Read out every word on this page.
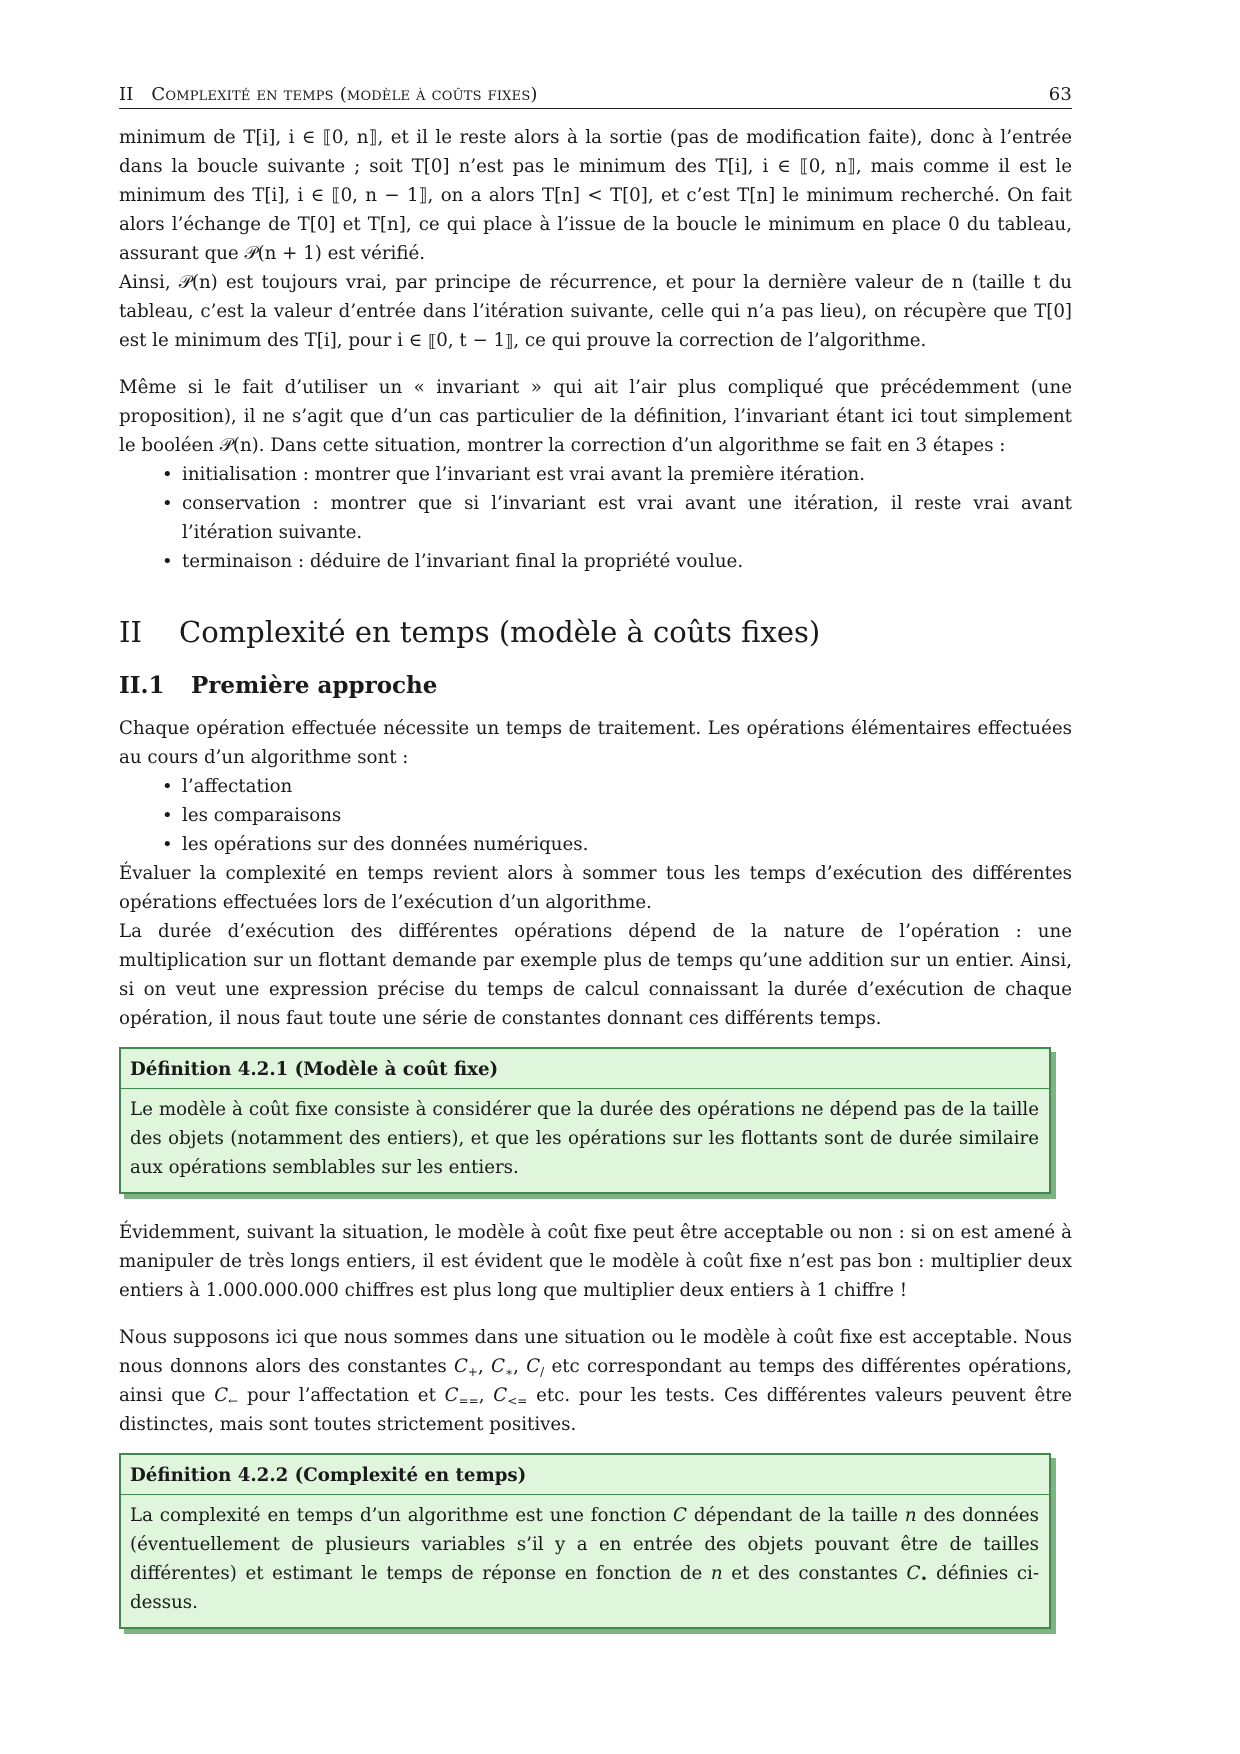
II Complexité en temps (modèle à coûts fixes)	63

minimum de T[i], i ∈ ⟦0, n⟧, et il le reste alors à la sortie (pas de modification faite), donc à l’entrée dans la boucle suivante ; soit T[0] n’est pas le minimum des T[i], i ∈ ⟦0, n⟧, mais comme il est le minimum des T[i], i ∈ ⟦0, n − 1⟧, on a alors T[n] < T[0], et c’est T[n] le minimum recherché. On fait alors l’échange de T[0] et T[n], ce qui place à l’issue de la boucle le minimum en place 0 du tableau, assurant que 𝒫(n + 1) est vérifié.

Ainsi, 𝒫(n) est toujours vrai, par principe de récurrence, et pour la dernière valeur de n (taille t du tableau, c’est la valeur d’entrée dans l’itération suivante, celle qui n’a pas lieu), on récupère que T[0] est le minimum des T[i], pour i ∈ ⟦0, t − 1⟧, ce qui prouve la correction de l’algorithme.

Même si le fait d’utiliser un « invariant » qui ait l’air plus compliqué que précédemment (une proposition), il ne s’agit que d’un cas particulier de la définition, l’invariant étant ici tout simplement le booléen 𝒫(n). Dans cette situation, montrer la correction d’un algorithme se fait en 3 étapes :

• initialisation : montrer que l’invariant est vrai avant la première itération.
• conservation : montrer que si l’invariant est vrai avant une itération, il reste vrai avant l’itération suivante.
• terminaison : déduire de l’invariant final la propriété voulue.
II Complexité en temps (modèle à coûts fixes)
II.1 Première approche

Chaque opération effectuée nécessite un temps de traitement. Les opérations élémentaires effectuées au cours d’un algorithme sont :

• l’affectation
• les comparaisons
• les opérations sur des données numériques.

Évaluer la complexité en temps revient alors à sommer tous les temps d’exécution des différentes opérations effectuées lors de l’exécution d’un algorithme.

La durée d’exécution des différentes opérations dépend de la nature de l’opération : une multiplication sur un flottant demande par exemple plus de temps qu’une addition sur un entier. Ainsi, si on veut une expression précise du temps de calcul connaissant la durée d’exécution de chaque opération, il nous faut toute une série de constantes donnant ces différents temps.

Définition 4.2.1 (Modèle à coût fixe)

Le modèle à coût fixe consiste à considérer que la durée des opérations ne dépend pas de la taille des objets (notamment des entiers), et que les opérations sur les flottants sont de durée similaire aux opérations semblables sur les entiers.

Évidemment, suivant la situation, le modèle à coût fixe peut être acceptable ou non : si on est amené à manipuler de très longs entiers, il est évident que le modèle à coût fixe n’est pas bon : multiplier deux entiers à 1.000.000.000 chiffres est plus long que multiplier deux entiers à 1 chiffre !

Nous supposons ici que nous sommes dans une situation ou le modèle à coût fixe est acceptable. Nous nous donnons alors des constantes $C_+$, $C_∗$, $C_/$ etc correspondant au temps des différentes opérations, ainsi que $C_\leftarrow$ pour l’affectation et $C_{==}$, $C_{<=}$ etc. pour les tests. Ces différentes valeurs peuvent être distinctes, mais sont toutes strictement positives.

Définition 4.2.2 (Complexité en temps)

La complexité en temps d’un algorithme est une fonction C dépendant de la taille n des données (éventuellement de plusieurs variables s’il y a en entrée des objets pouvant être de tailles différentes) et estimant le temps de réponse en fonction de n et des constantes $C_•$ définies ci-dessus.
